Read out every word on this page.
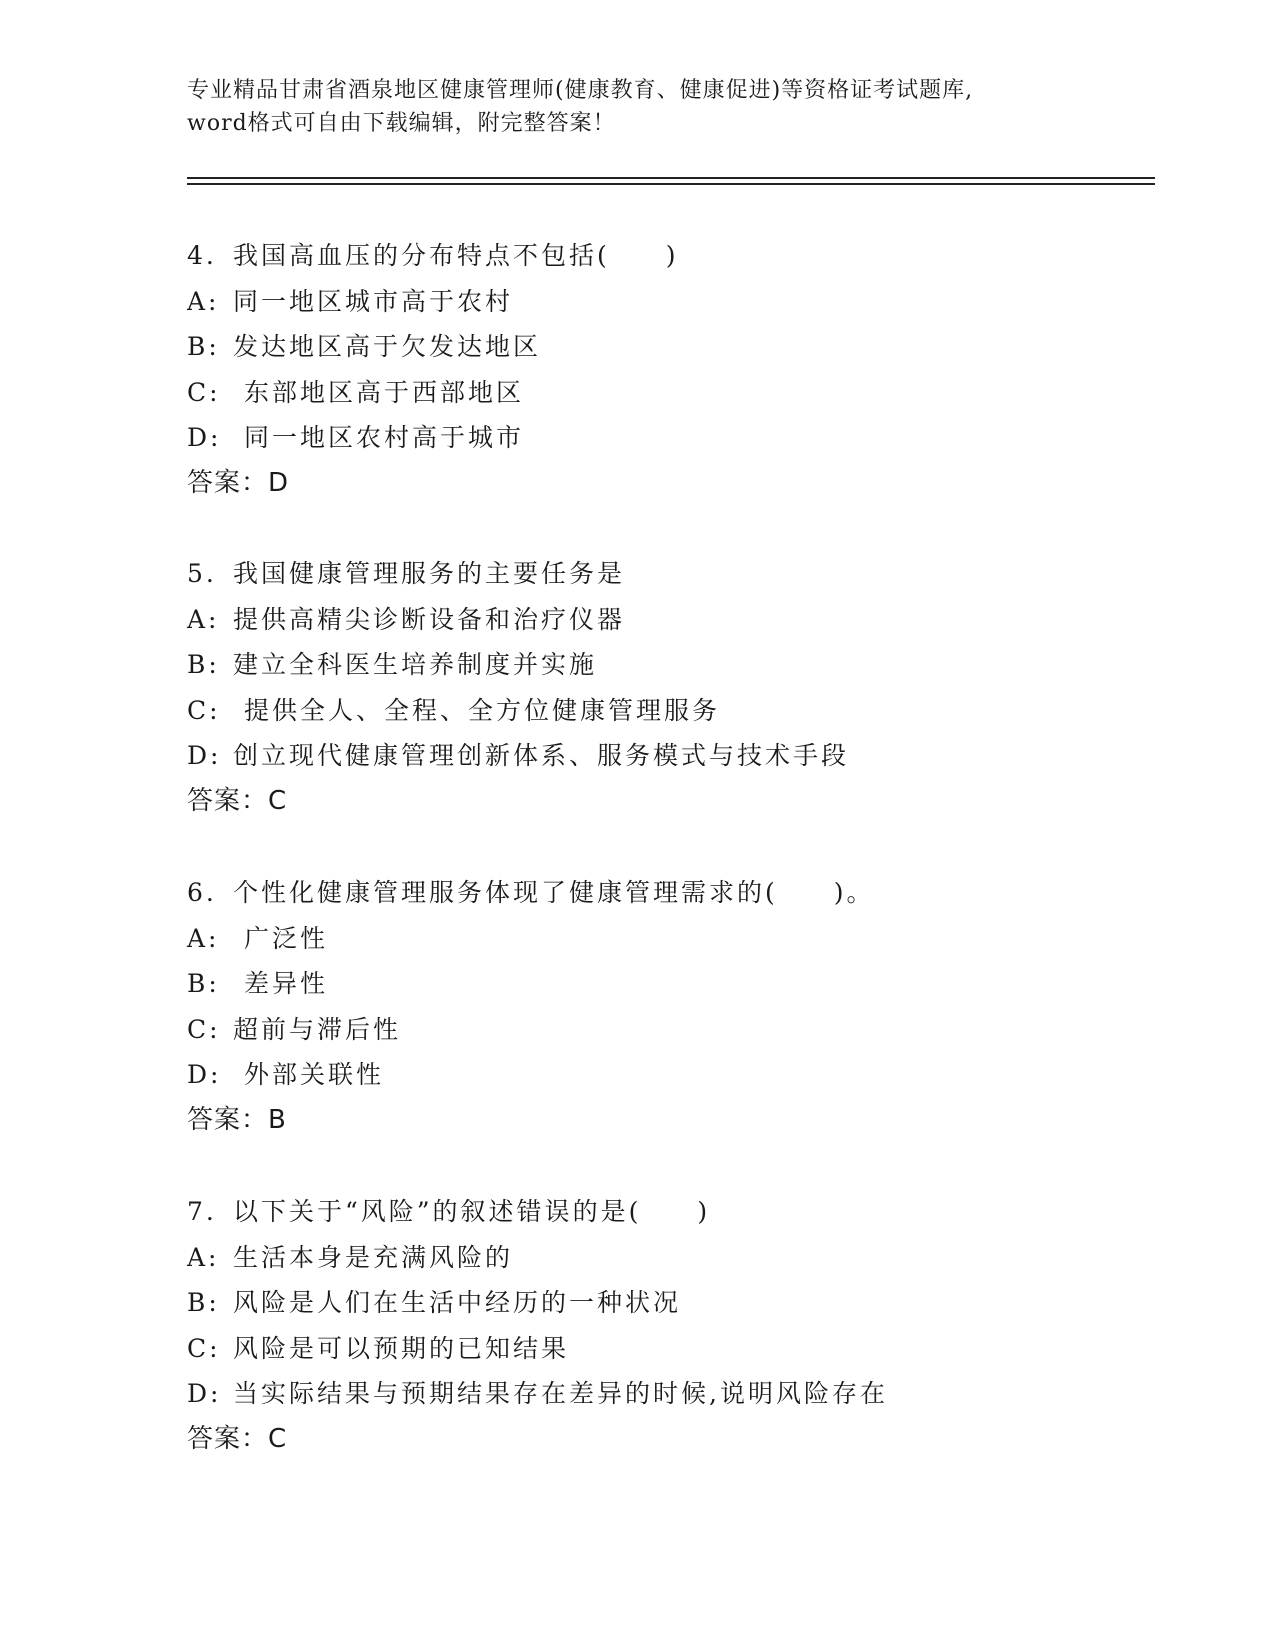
专业精品甘肃省酒泉地区健康管理师(健康教育、健康促进)等资格证考试题库,
word格式可自由下载编辑，附完整答案！
4. 我国高血压的分布特点不包括(　　)
A: 同一地区城市高于农村
B: 发达地区高于欠发达地区
C: 东部地区高于西部地区
D: 同一地区农村高于城市
答案：D
5. 我国健康管理服务的主要任务是
A: 提供高精尖诊断设备和治疗仪器
B: 建立全科医生培养制度并实施
C: 提供全人、全程、全方位健康管理服务
D: 创立现代健康管理创新体系、服务模式与技术手段
答案：C
6. 个性化健康管理服务体现了健康管理需求的(　　)。
A: 广泛性
B: 差异性
C: 超前与滞后性
D: 外部关联性
答案：B
7. 以下关于“风险”的叙述错误的是(　　)
A: 生活本身是充满风险的
B: 风险是人们在生活中经历的一种状况
C: 风险是可以预期的已知结果
D: 当实际结果与预期结果存在差异的时候,说明风险存在
答案：C
